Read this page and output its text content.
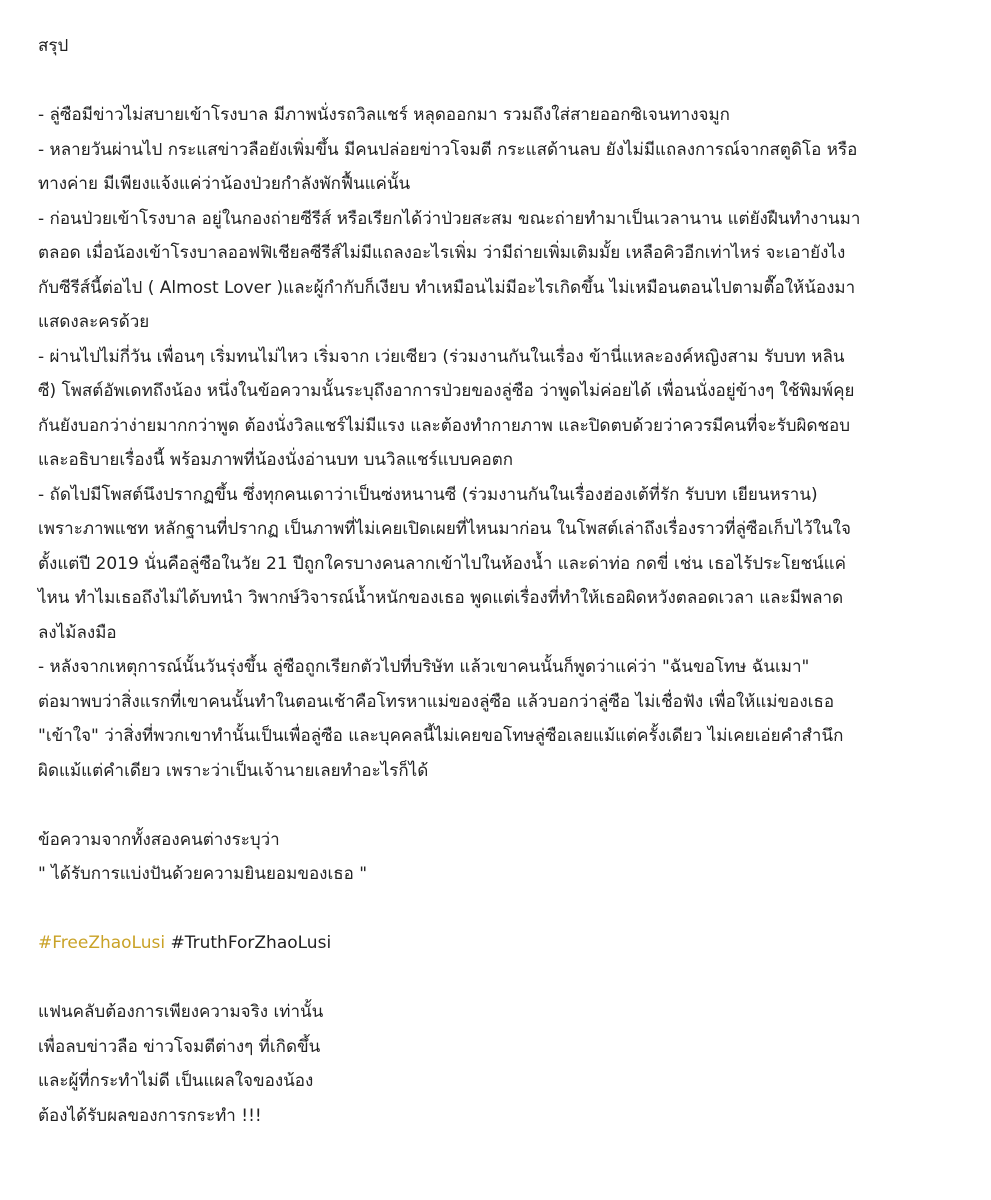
สรุป
- ลู่ซือมีข่าวไม่สบายเข้าโรงบาล มีภาพนั่งรถวิลแชร์ หลุดออกมา รวมถึงใส่สายออกซิเจนทางจมูก
- หลายวันผ่านไป กระแสข่าวลือยังเพิ่มขึ้น มีคนปล่อยข่าวโจมตี กระแสด้านลบ ยังไม่มีแถลงการณ์จากสตูดิโอ หรือ
ทางค่าย มีเพียงแจ้งแค่ว่าน้องป่วยกำลังพักฟื้นแค่นั้น
- ก่อนป่วยเข้าโรงบาล อยู่ในกองถ่ายซีรีส์ หรือเรียกได้ว่าป่วยสะสม ขณะถ่ายทำมาเป็นเวลานาน แต่ยังฝืนทำงานมา
ตลอด เมื่อน้องเข้าโรงบาลออฟฟิเชียลซีรีส์ไม่มีแถลงอะไรเพิ่ม ว่ามีถ่ายเพิ่มเติมมั้ย เหลือคิวอีกเท่าไหร่ จะเอายังไง
กับซีรีส์นี้ต่อไป ( Almost Lover )และผู้กำกับก็เงียบ ทำเหมือนไม่มีอะไรเกิดขึ้น ไม่เหมือนตอนไปตามตื๊อให้น้องมา
แสดงละครด้วย
- ผ่านไปไม่กี่วัน เพื่อนๆ เริ่มทนไม่ไหว เริ่มจาก เว่ยเซียว (ร่วมงานกันในเรื่อง ข้านี่แหละองค์หญิงสาม รับบท หลิน
ซี) โพสต์อัพเดทถึงน้อง หนึ่งในข้อความนั้นระบุถึงอาการป่วยของลู่ซือ ว่าพูดไม่ค่อยได้ เพื่อนนั่งอยู่ข้างๆ ใช้พิมพ์คุย
กันยังบอกว่าง่ายมากกว่าพูด ต้องนั่งวิลแชร์ไม่มีแรง และต้องทำกายภาพ และปิดตบด้วยว่าควรมีคนที่จะรับผิดชอบ
และอธิบายเรื่องนี้ พร้อมภาพที่น้องนั่งอ่านบท บนวิลแชร์แบบคอตก
- ถัดไปมีโพสต์นึงปรากฏขึ้น ซึ่งทุกคนเดาว่าเป็นซ่งหนานซี (ร่วมงานกันในเรื่องฮ่องเต้ที่รัก รับบท เยียนหราน)
เพราะภาพแชท หลักฐานที่ปรากฏ เป็นภาพที่ไม่เคยเปิดเผยที่ไหนมาก่อน ในโพสต์เล่าถึงเรื่องราวที่ลู่ซือเก็บไว้ในใจ
ตั้งแต่ปี 2019 นั่นคือลู่ซือในวัย 21 ปีถูกใครบางคนลากเข้าไปในห้องน้ำ และด่าท่อ กดขี่ เช่น เธอไร้ประโยชน์แค่
ไหน ทำไมเธอถึงไม่ได้บทนำ วิพากษ์วิจารณ์น้ำหนักของเธอ พูดแต่เรื่องที่ทำให้เธอผิดหวังตลอดเวลา และมีพลาด
ลงไม้ลงมือ
- หลังจากเหตุการณ์นั้นวันรุ่งขึ้น ลู่ซือถูกเรียกตัวไปที่บริษัท แล้วเขาคนนั้นก็พูดว่าแค่ว่า "ฉันขอโทษ ฉันเมา"
ต่อมาพบว่าสิ่งแรกที่เขาคนนั้นทำในตอนเช้าคือโทรหาแม่ของลู่ซือ แล้วบอกว่าลู่ซือ ไม่เชื่อฟัง เพื่อให้แม่ของเธอ
"เข้าใจ" ว่าสิ่งที่พวกเขาทำนั้นเป็นเพื่อลู่ซือ และบุคคลนี้ไม่เคยขอโทษลู่ซือเลยแม้แต่ครั้งเดียว ไม่เคยเอ่ยคำสำนึก
ผิดแม้แต่คำเดียว เพราะว่าเป็นเจ้านายเลยทำอะไรก็ได้
ข้อความจากทั้งสองคนต่างระบุว่า
" ได้รับการแบ่งปันด้วยความยินยอมของเธอ "
#FreeZhaoLusi #TruthForZhaoLusi
แฟนคลับต้องการเพียงความจริง เท่านั้น
เพื่อลบข่าวลือ ข่าวโจมตีต่างๆ ที่เกิดขึ้น
และผู้ที่กระทำไม่ดี เป็นแผลใจของน้อง
ต้องได้รับผลของการกระทำ !!!
